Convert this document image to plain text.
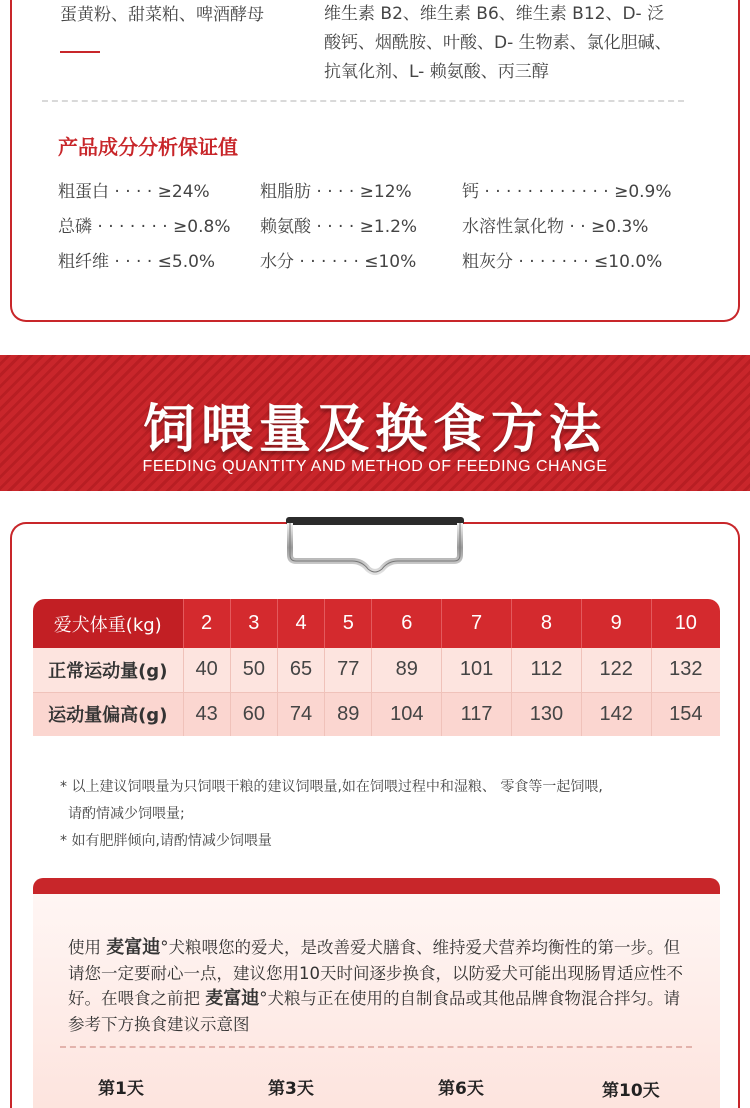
蛋黄粉、甜菜粕、啤酒酵母	维生素 B2、维生素 B6、维生素 B12、D- 泛
酸钙、烟酰胺、叶酸、D- 生物素、氯化胆碱、
抗氧化剂、L- 赖氨酸、丙三醇
产品成分分析保证值
粗蛋白 · · · · ≥24%	粗脂肪 · · · · ≥12%	钙 · · · · · · · · · · · · ≥0.9%
总磷 · · · · · · · ≥0.8%	赖氨酸 · · · · ≥1.2%	水溶性氯化物 · · ≥0.3%
粗纤维 · · · · ≤5.0%	水分 · · · · · · ≤10%	粗灰分 · · · · · · · ≤10.0%
饲喂量及换食方法
FEEDING QUANTITY AND METHOD OF FEEDING CHANGE
爱犬体重(kg)	2	3	4	5	6	7	8	9	10
正常运动量(g)	40	50	65	77	89	101	112	122	132
运动量偏高(g)	43	60	74	89	104	117	130	142	154
* 以上建议饲喂量为只饲喂干粮的建议饲喂量,如在饲喂过程中和湿粮、 零食等一起饲喂,
请酌情减少饲喂量;
* 如有肥胖倾向,请酌情减少饲喂量
使用 麦富迪°犬粮喂您的爱犬，是改善爱犬膳食、维持爱犬营养均衡性的第一步。但请您一定要耐心一点，建议您用10天时间逐步换食，以防爱犬可能出现肠胃适应性不好。在喂食之前把 麦富迪°犬粮与正在使用的自制食品或其他品牌食物混合拌匀。请参考下方换食建议示意图
第1天	第3天	第6天	第10天
